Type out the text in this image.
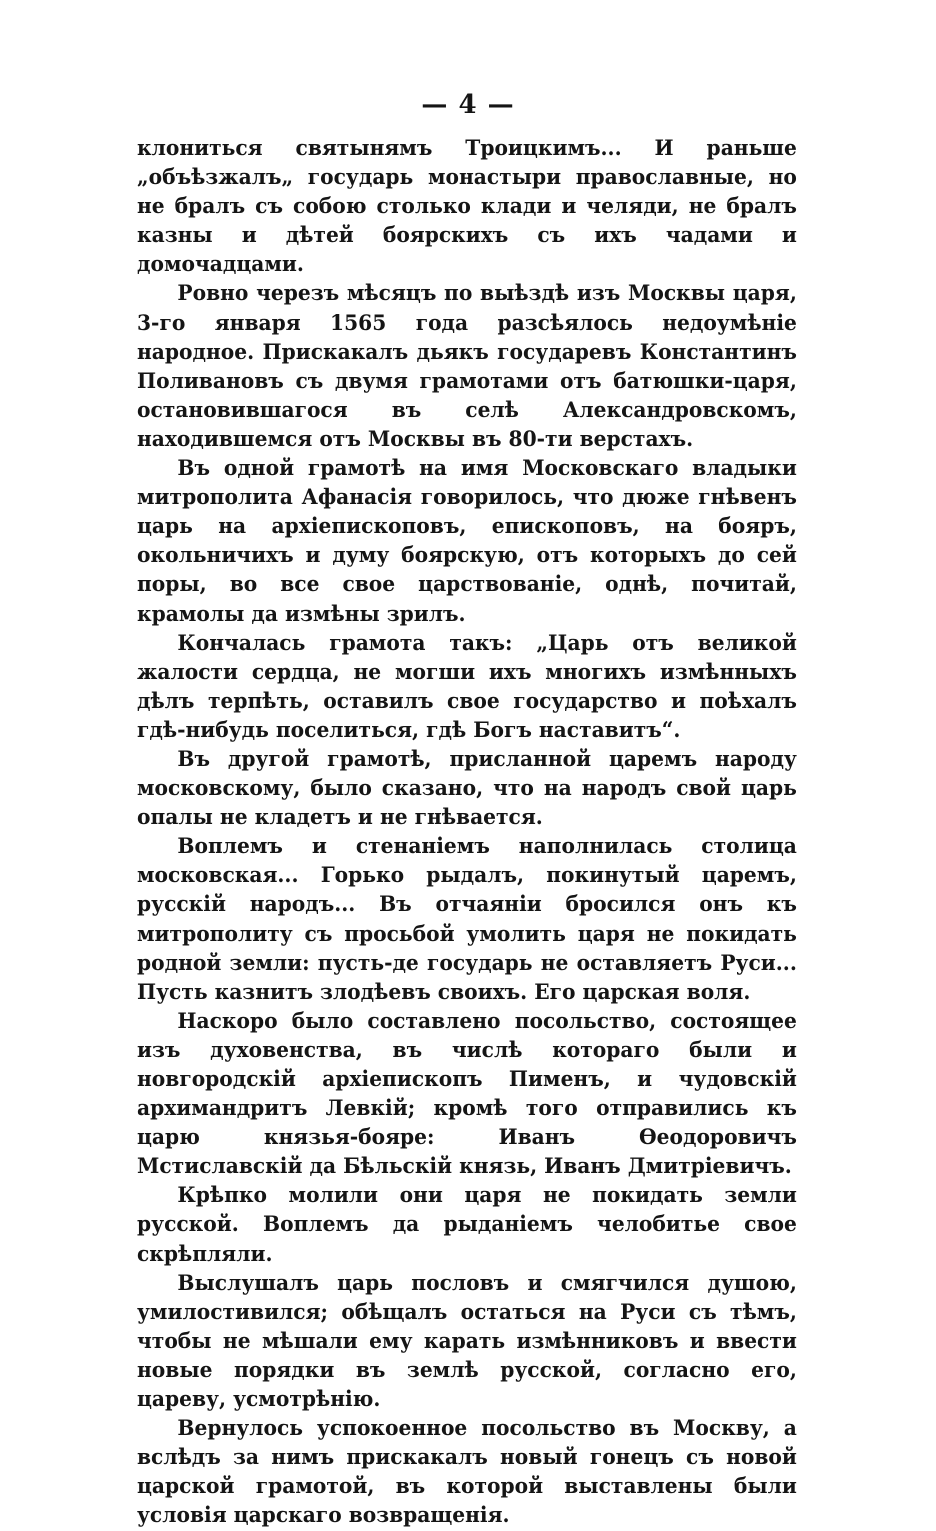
— 4 —

клониться святынямъ Троицкимъ... И раньше „объѣзжалъ„ государь монастыри православные, но не бралъ съ собою столько клади и челяди, не бралъ казны и дѣтей боярскихъ съ ихъ чадами и домочадцами.

Ровно черезъ мѣсяцъ по выѣздѣ изъ Москвы царя, 3-го января 1565 года разсѣялось недоумѣніе народное. Прискакалъ дьякъ государевъ Константинъ Поливановъ съ двумя грамотами отъ батюшки-царя, остановившагося въ селѣ Александровскомъ, находившемся отъ Москвы въ 80-ти верстахъ.

Въ одной грамотѣ на имя Московскаго владыки митрополита Афанасія говорилось, что дюже гнѣвенъ царь на архіепископовъ, епископовъ, на бояръ, окольничихъ и думу боярскую, отъ которыхъ до сей поры, во все свое царствованіе, однѣ, почитай, крамолы да измѣны зрилъ.

Кончалась грамота такъ: „Царь отъ великой жалости сердца, не могши ихъ многихъ измѣнныхъ дѣлъ терпѣть, оставилъ свое государство и поѣхалъ гдѣ-нибудь поселиться, гдѣ Богъ наставитъ“.

Въ другой грамотѣ, присланной царемъ народу московскому, было сказано, что на народъ свой царь опалы не кладетъ и не гнѣвается.

Воплемъ и стенаніемъ наполнилась столица московская... Горько рыдалъ, покинутый царемъ, русскій народъ... Въ отчаяніи бросился онъ къ митрополиту съ просьбой умолить царя не покидать родной земли: пусть-де государь не оставляетъ Руси... Пусть казнитъ злодѣевъ своихъ. Его царская воля.

Наскоро было составлено посольство, состоящее изъ духовенства, въ числѣ котораго были и новгородскій архіепископъ Пименъ, и чудовскій архимандритъ Левкій; кромѣ того отправились къ царю князья-бояре: Иванъ Ѳеодоровичъ Мстиславскій да Бѣльскій князь, Иванъ Дмитріевичъ.

Крѣпко молили они царя не покидать земли русской. Воплемъ да рыданіемъ челобитье свое скрѣпляли.

Выслушалъ царь пословъ и смягчился душою, умилостивился; обѣщалъ остаться на Руси съ тѣмъ, чтобы не мѣшали ему карать измѣнниковъ и ввести новые порядки въ землѣ русской, согласно его, цареву, усмотрѣнію.

Вернулось успокоенное посольство въ Москву, а вслѣдъ за нимъ прискакалъ новый гонецъ съ новой царской грамотой, въ которой выставлены были условія царскаго возвращенія.
